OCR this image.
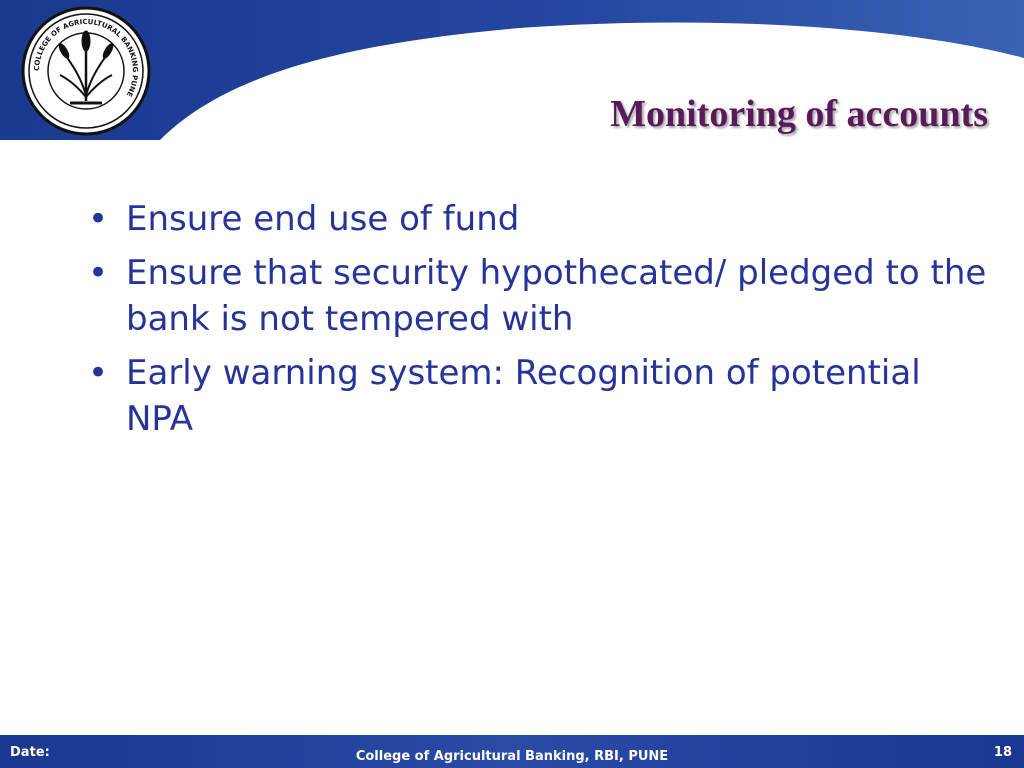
COLLEGE OF AGRICULTURAL BANKING PUNE	Monitoring of accounts
• Ensure end use of fund
• Ensure that security hypothecated/ pledged to the bank is not tempered with
• Early warning system: Recognition of potential NPA
Date:	College of Agricultural Banking, RBI, PUNE	18
